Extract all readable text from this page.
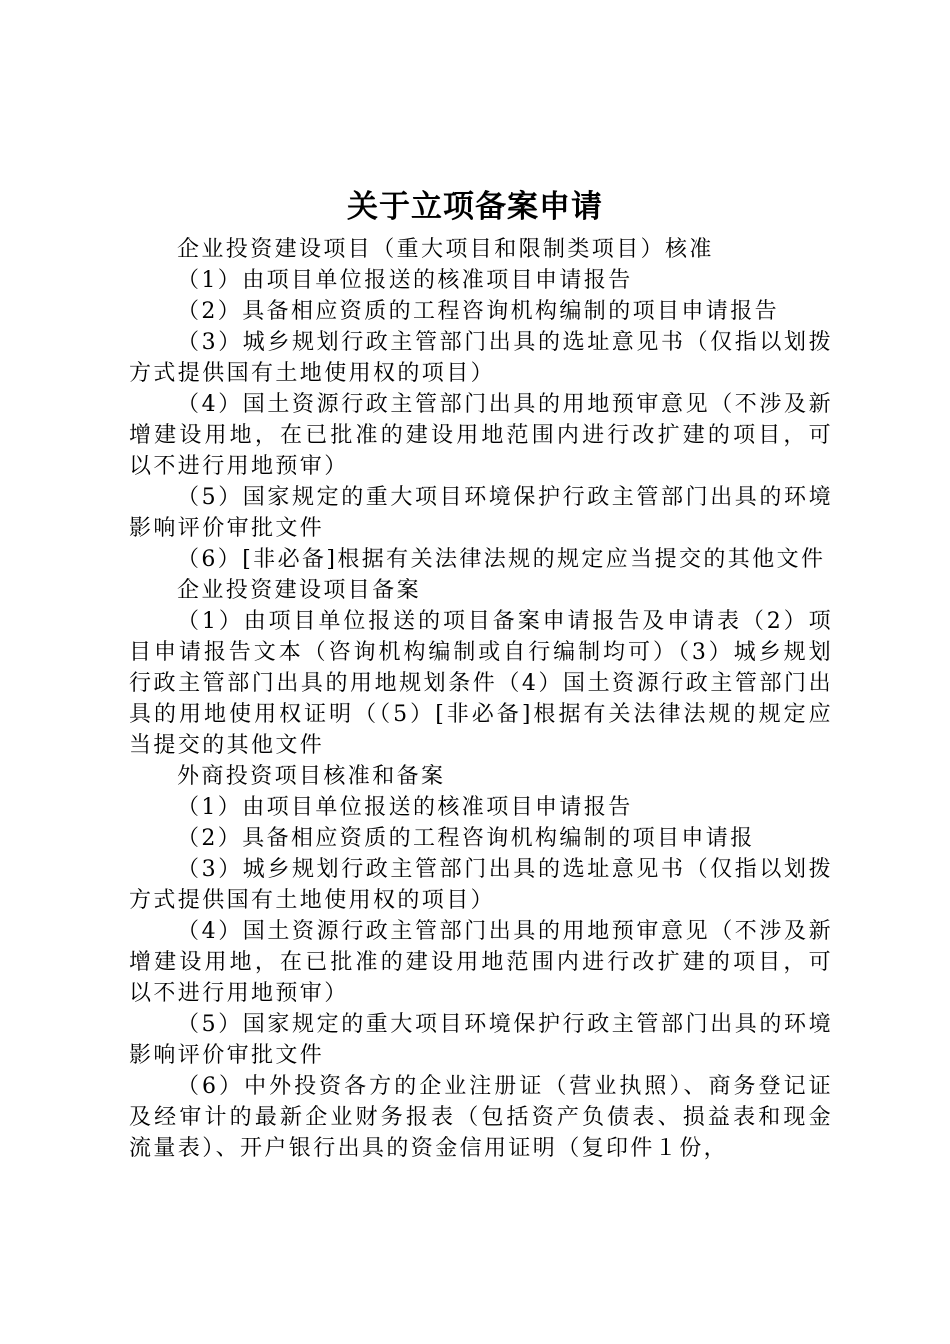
关于立项备案申请

企业投资建设项目（重大项目和限制类项目）核准

（1）由项目单位报送的核准项目申请报告

（2）具备相应资质的工程咨询机构编制的项目申请报告

（3）城乡规划行政主管部门出具的选址意见书（仅指以划拨方式提供国有土地使用权的项目）

（4）国土资源行政主管部门出具的用地预审意见（不涉及新增建设用地，在已批准的建设用地范围内进行改扩建的项目，可以不进行用地预审）

（5）国家规定的重大项目环境保护行政主管部门出具的环境影响评价审批文件

（6）[非必备]根据有关法律法规的规定应当提交的其他文件

企业投资建设项目备案

（1）由项目单位报送的项目备案申请报告及申请表（2）项目申请报告文本（咨询机构编制或自行编制均可）（3）城乡规划行政主管部门出具的用地规划条件（4）国土资源行政主管部门出具的用地使用权证明（（5）[非必备]根据有关法律法规的规定应当提交的其他文件

外商投资项目核准和备案

（1）由项目单位报送的核准项目申请报告

（2）具备相应资质的工程咨询机构编制的项目申请报

（3）城乡规划行政主管部门出具的选址意见书（仅指以划拨方式提供国有土地使用权的项目）

（4）国土资源行政主管部门出具的用地预审意见（不涉及新增建设用地，在已批准的建设用地范围内进行改扩建的项目，可以不进行用地预审）

（5）国家规定的重大项目环境保护行政主管部门出具的环境影响评价审批文件

（6）中外投资各方的企业注册证（营业执照）、商务登记证及经审计的最新企业财务报表（包括资产负债表、损益表和现金流量表）、开户银行出具的资金信用证明（复印件１份，
